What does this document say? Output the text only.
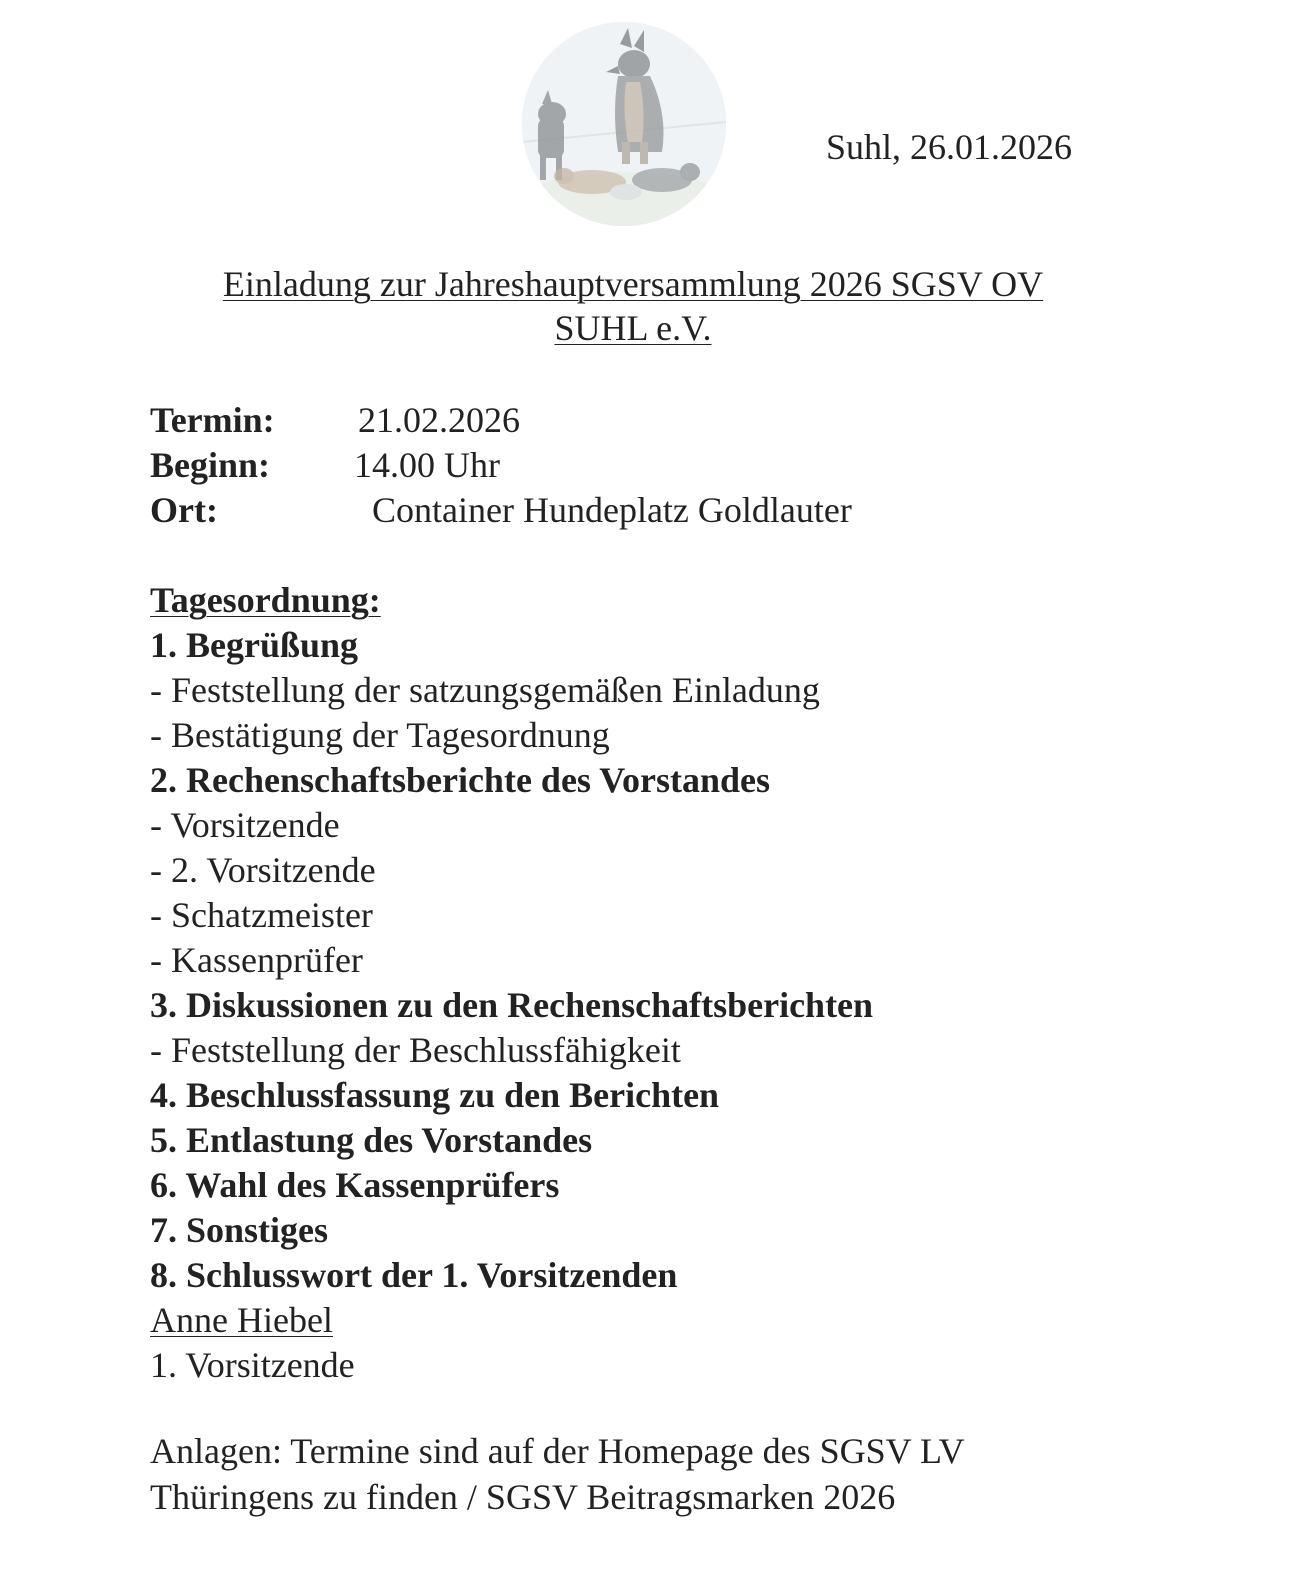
Suhl, 26.01.2026
Einladung zur Jahreshauptversammlung 2026 SGSV OV
SUHL e.V.
Termin: 21.02.2026
Beginn: 14.00 Uhr
Ort:	Container Hundeplatz Goldlauter
Tagesordnung:
1. Begrüßung
- Feststellung der satzungsgemäßen Einladung
- Bestätigung der Tagesordnung
2. Rechenschaftsberichte des Vorstandes
- Vorsitzende
- 2. Vorsitzende
- Schatzmeister
- Kassenprüfer
3. Diskussionen zu den Rechenschaftsberichten
- Feststellung der Beschlussfähigkeit
4. Beschlussfassung zu den Berichten
5. Entlastung des Vorstandes
6. Wahl des Kassenprüfers
7. Sonstiges
8. Schlusswort der 1. Vorsitzenden
Anne Hiebel
1. Vorsitzende
Anlagen: Termine sind auf der Homepage des SGSV LV
Thüringens zu finden / SGSV Beitragsmarken 2026
